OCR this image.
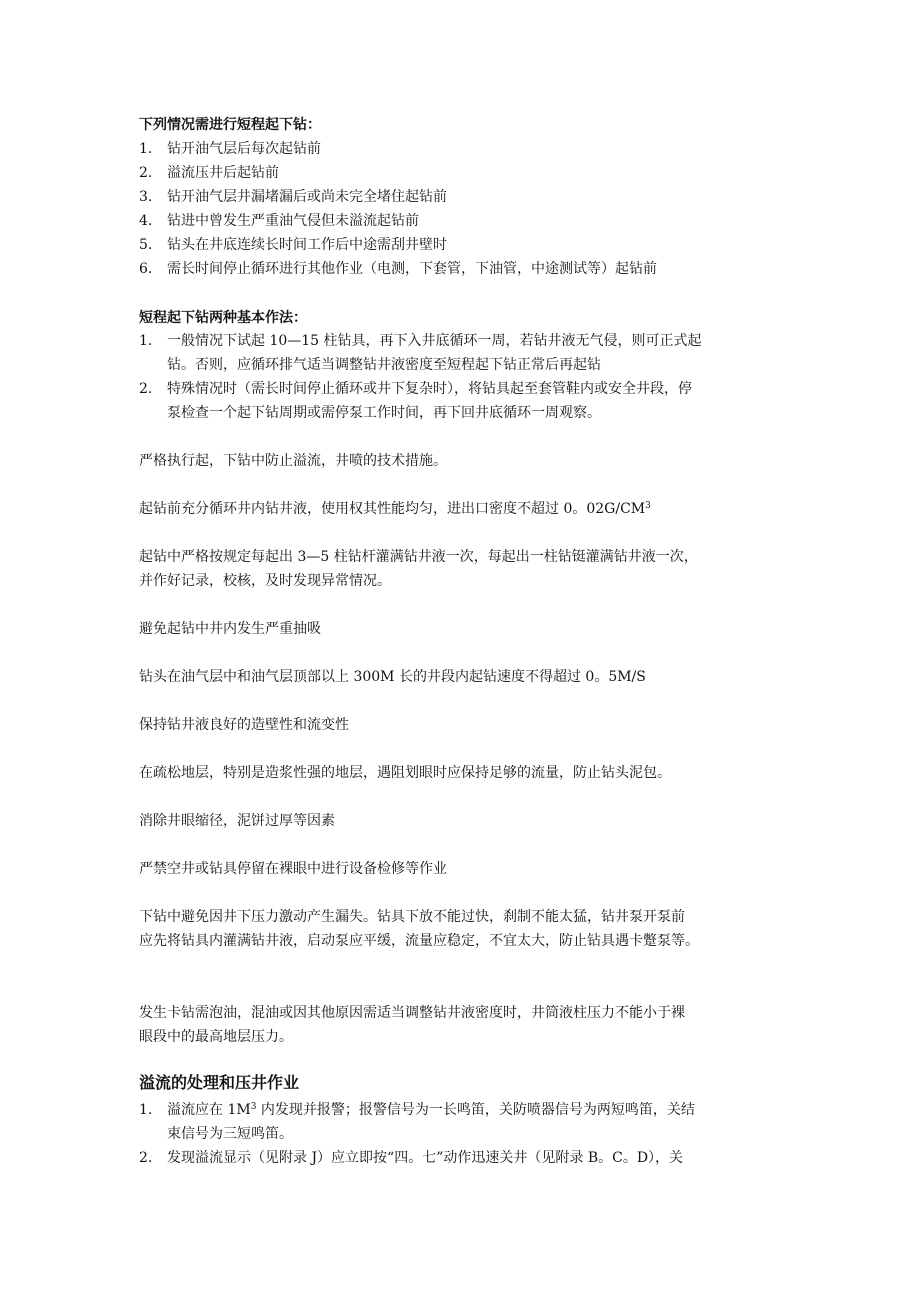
下列情况需进行短程起下钻：
1. 钻开油气层后每次起钻前
2. 溢流压井后起钻前
3. 钻开油气层井漏堵漏后或尚未完全堵住起钻前
4. 钻进中曾发生严重油气侵但未溢流起钻前
5. 钻头在井底连续长时间工作后中途需刮井壁时
6. 需长时间停止循环进行其他作业（电测，下套管，下油管，中途测试等）起钻前
短程起下钻两种基本作法：
1. 一般情况下试起 10—15 柱钻具，再下入井底循环一周，若钻井液无气侵，则可正式起
钻。否则，应循环排气适当调整钻井液密度至短程起下钻正常后再起钻
2. 特殊情况时（需长时间停止循环或井下复杂时），将钻具起至套管鞋内或安全井段，停
泵检查一个起下钻周期或需停泵工作时间，再下回井底循环一周观察。
严格执行起，下钻中防止溢流，井喷的技术措施。
起钻前充分循环井内钻井液，使用权其性能均匀，进出口密度不超过 0。$02G/CM^3$
起钻中严格按规定每起出 3—5 柱钻杆灌满钻井液一次，每起出一柱钻铤灌满钻井液一次，
并作好记录，校核，及时发现异常情况。
避免起钻中井内发生严重抽吸
钻头在油气层中和油气层顶部以上 300M 长的井段内起钻速度不得超过 0。5M/S
保持钻井液良好的造壁性和流变性
在疏松地层，特别是造浆性强的地层，遇阻划眼时应保持足够的流量，防止钻头泥包。
消除井眼缩径，泥饼过厚等因素
严禁空井或钻具停留在裸眼中进行设备检修等作业
下钻中避免因井下压力激动产生漏失。钻具下放不能过快，刹制不能太猛，钻井泵开泵前
应先将钻具内灌满钻井液，启动泵应平缓，流量应稳定，不宜太大，防止钻具遇卡蹩泵等。
发生卡钻需泡油，混油或因其他原因需适当调整钻井液密度时，井筒液柱压力不能小于裸
眼段中的最高地层压力。
溢流的处理和压井作业
1. 溢流应在 $1M^3$ 内发现并报警；报警信号为一长鸣笛，关防喷器信号为两短鸣笛，关结
束信号为三短鸣笛。
2. 发现溢流显示（见附录 J）应立即按“四。七”动作迅速关井（见附录 B。C。D），关
